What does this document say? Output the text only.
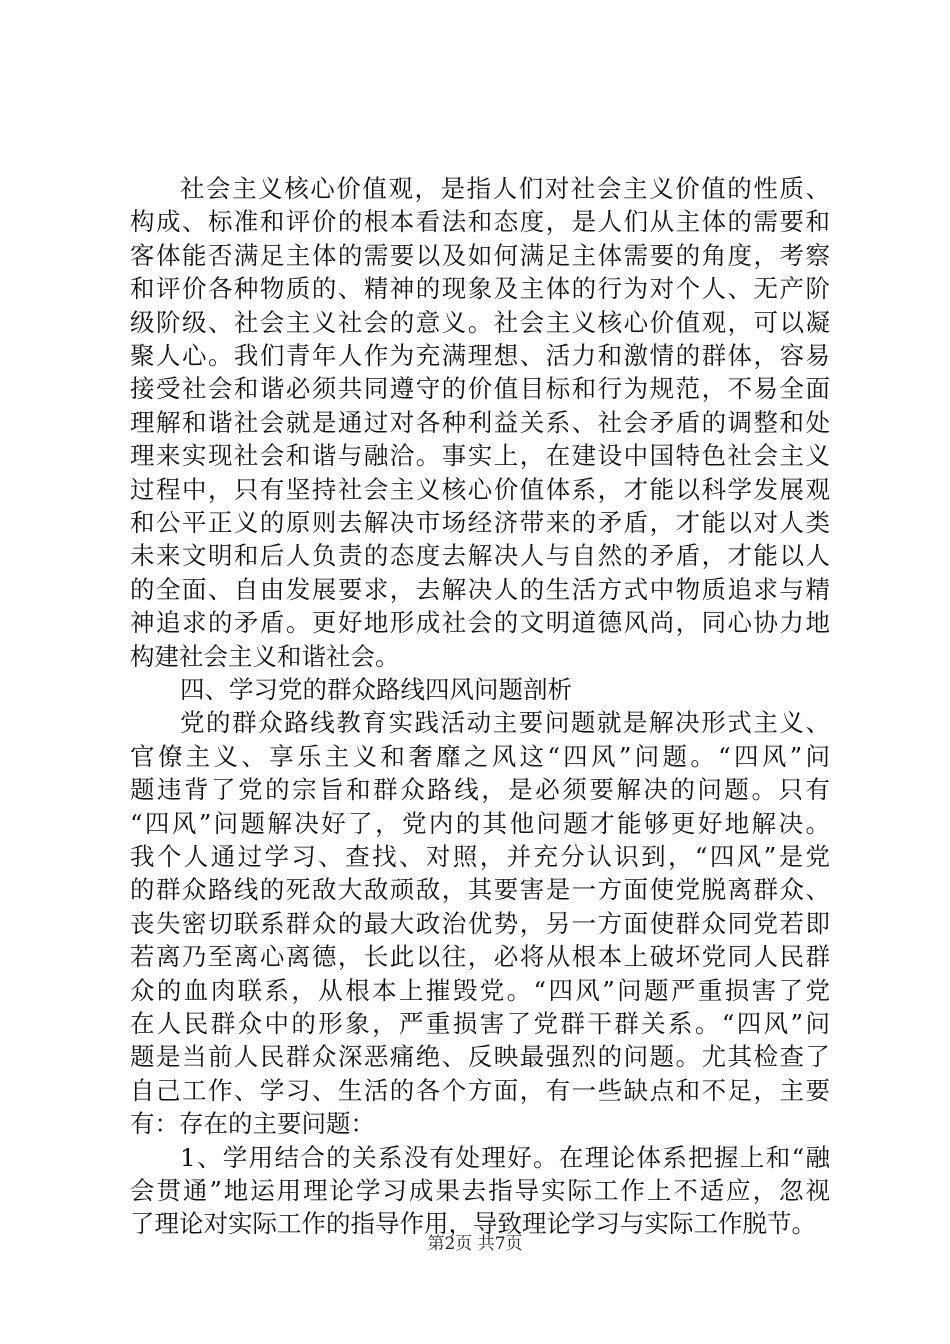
社会主义核心价值观，是指人们对社会主义价值的性质、
构成、标准和评价的根本看法和态度，是人们从主体的需要和
客体能否满足主体的需要以及如何满足主体需要的角度，考察
和评价各种物质的、精神的现象及主体的行为对个人、无产阶
级阶级、社会主义社会的意义。社会主义核心价值观，可以凝
聚人心。我们青年人作为充满理想、活力和激情的群体，容易
接受社会和谐必须共同遵守的价值目标和行为规范，不易全面
理解和谐社会就是通过对各种利益关系、社会矛盾的调整和处
理来实现社会和谐与融洽。事实上，在建设中国特色社会主义
过程中，只有坚持社会主义核心价值体系，才能以科学发展观
和公平正义的原则去解决市场经济带来的矛盾，才能以对人类
未来文明和后人负责的态度去解决人与自然的矛盾，才能以人
的全面、自由发展要求，去解决人的生活方式中物质追求与精
神追求的矛盾。更好地形成社会的文明道德风尚，同心协力地
构建社会主义和谐社会。
四、学习党的群众路线四风问题剖析
党的群众路线教育实践活动主要问题就是解决形式主义、
官僚主义、享乐主义和奢靡之风这“四风”问题。“四风”问
题违背了党的宗旨和群众路线，是必须要解决的问题。只有
“四风”问题解决好了，党内的其他问题才能够更好地解决。
我个人通过学习、查找、对照，并充分认识到，“四风”是党
的群众路线的死敌大敌顽敌，其要害是一方面使党脱离群众、
丧失密切联系群众的最大政治优势，另一方面使群众同党若即
若离乃至离心离德，长此以往，必将从根本上破坏党同人民群
众的血肉联系，从根本上摧毁党。“四风”问题严重损害了党
在人民群众中的形象，严重损害了党群干群关系。“四风”问
题是当前人民群众深恶痛绝、反映最强烈的问题。尤其检查了
自己工作、学习、生活的各个方面，有一些缺点和不足，主要
有：存在的主要问题：
1、学用结合的关系没有处理好。在理论体系把握上和“融
会贯通”地运用理论学习成果去指导实际工作上不适应，忽视
了理论对实际工作的指导作用，导致理论学习与实际工作脱节。
第2页 共7页
